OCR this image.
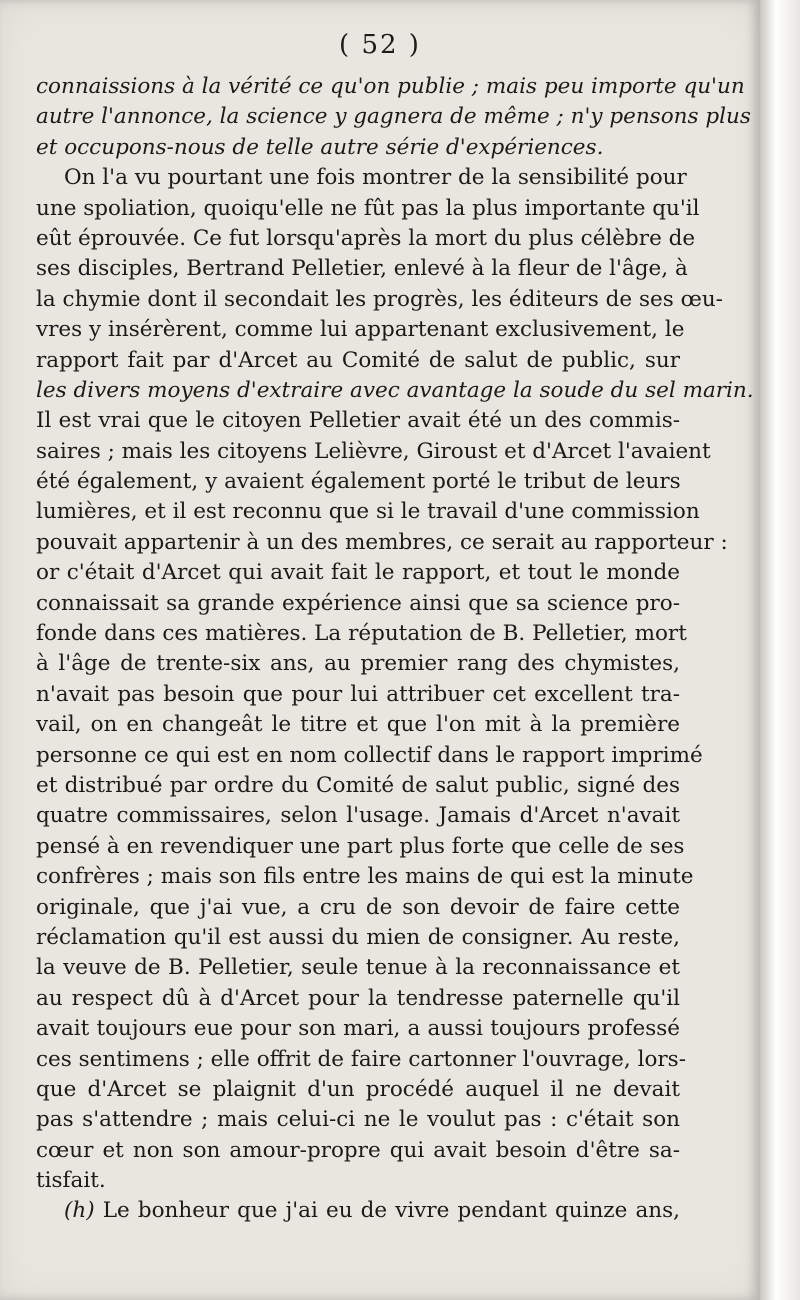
( 52 )
connaissions à la vérité ce qu'on publie ; mais peu importe qu'un
autre l'annonce, la science y gagnera de même ; n'y pensons plus
et occupons-nous de telle autre série d'expériences.
On l'a vu pourtant une fois montrer de la sensibilité pour
une spoliation, quoiqu'elle ne fût pas la plus importante qu'il
eût éprouvée. Ce fut lorsqu'après la mort du plus célèbre de
ses disciples, Bertrand Pelletier, enlevé à la fleur de l'âge, à
la chymie dont il secondait les progrès, les éditeurs de ses œu-
vres y insérèrent, comme lui appartenant exclusivement, le
rapport fait par d'Arcet au Comité de salut de public, sur
les divers moyens d'extraire avec avantage la soude du sel marin.
Il est vrai que le citoyen Pelletier avait été un des commis-
saires ; mais les citoyens Lelièvre, Giroust et d'Arcet l'avaient
été également, y avaient également porté le tribut de leurs
lumières, et il est reconnu que si le travail d'une commission
pouvait appartenir à un des membres, ce serait au rapporteur :
or c'était d'Arcet qui avait fait le rapport, et tout le monde
connaissait sa grande expérience ainsi que sa science pro-
fonde dans ces matières. La réputation de B. Pelletier, mort
à l'âge de trente-six ans, au premier rang des chymistes,
n'avait pas besoin que pour lui attribuer cet excellent tra-
vail, on en changeât le titre et que l'on mit à la première
personne ce qui est en nom collectif dans le rapport imprimé
et distribué par ordre du Comité de salut public, signé des
quatre commissaires, selon l'usage. Jamais d'Arcet n'avait
pensé à en revendiquer une part plus forte que celle de ses
confrères ; mais son fils entre les mains de qui est la minute
originale, que j'ai vue, a cru de son devoir de faire cette
réclamation qu'il est aussi du mien de consigner. Au reste,
la veuve de B. Pelletier, seule tenue à la reconnaissance et
au respect dû à d'Arcet pour la tendresse paternelle qu'il
avait toujours eue pour son mari, a aussi toujours professé
ces sentimens ; elle offrit de faire cartonner l'ouvrage, lors-
que d'Arcet se plaignit d'un procédé auquel il ne devait
pas s'attendre ; mais celui-ci ne le voulut pas : c'était son
cœur et non son amour-propre qui avait besoin d'être sa-
tisfait.
(h) Le bonheur que j'ai eu de vivre pendant quinze ans,
